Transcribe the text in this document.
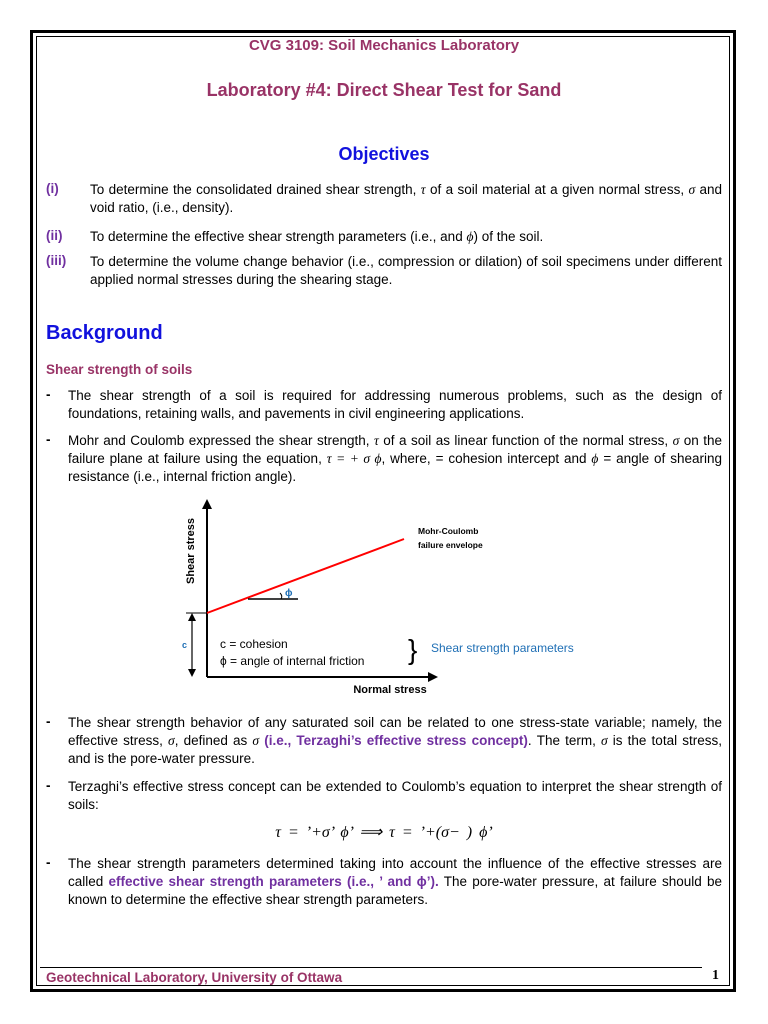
CVG 3109: Soil Mechanics Laboratory
Laboratory #4: Direct Shear Test for Sand
Objectives
(i) To determine the consolidated drained shear strength, τ of a soil material at a given normal stress, σ and void ratio, (i.e., density).
(ii) To determine the effective shear strength parameters (i.e., and ϕ) of the soil.
(iii) To determine the volume change behavior (i.e., compression or dilation) of soil specimens under different applied normal stresses during the shearing stage.
Background
Shear strength of soils
- The shear strength of a soil is required for addressing numerous problems, such as the design of foundations, retaining walls, and pavements in civil engineering applications.
- Mohr and Coulomb expressed the shear strength, τ of a soil as linear function of the normal stress, σ on the failure plane at failure using the equation, τ = + σ ϕ, where, = cohesion intercept and ϕ = angle of shearing resistance (i.e., internal friction angle).
Shear stress
Normal stress
ϕ
c
Mohr-Coulomb
failure envelope
c = cohesion
ϕ = angle of internal friction } Shear strength parameters
- The shear strength behavior of any saturated soil can be related to one stress-state variable; namely, the effective stress, σ, defined as σ (i.e., Terzaghi’s effective stress concept). The term, σ is the total stress, and is the pore-water pressure.
- Terzaghi’s effective stress concept can be extended to Coulomb’s equation to interpret the shear strength of soils:
τ = ’+σ’ ϕ’ ⟹ τ = ’+(σ− ) ϕ’
- The shear strength parameters determined taking into account the influence of the effective stresses are called effective shear strength parameters (i.e., ’ and ϕ’). The pore-water pressure, at failure should be known to determine the effective shear strength parameters.
Geotechnical Laboratory, University of Ottawa	1
